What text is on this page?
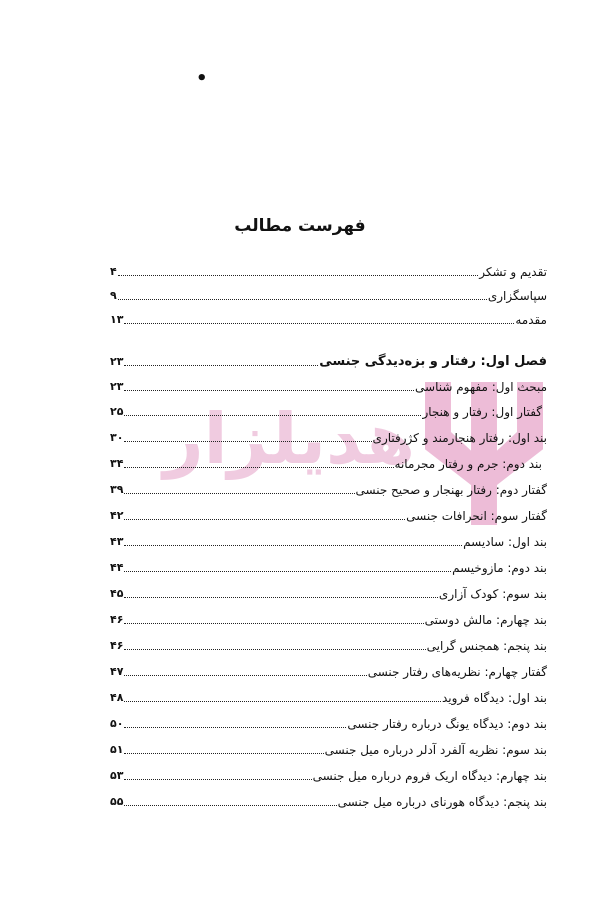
•
فهرست مطالب
هدیلزار
تقدیم و تشکر
۴
سپاسگزاری
۹
مقدمه
۱۳
فصل اول: رفتار و بزه‌دیدگی جنسی
۲۳
مبحث اول: مفهوم شناسی
۲۳
گفتار اول: رفتار و هنجار
۲۵
بند اول: رفتار هنجارمند و کژرفتاری
۳۰
بند دوم: جرم و رفتار مجرمانه
۳۴
گفتار دوم: رفتار بهنجار و صحیح جنسی
۳۹
گفتار سوم: انحرافات جنسی
۴۲
بند اول: سادیسم
۴۳
بند دوم: مازوخیسم
۴۴
بند سوم: کودک آزاری
۴۵
بند چهارم: مالش دوستی
۴۶
بند پنجم: همجنس گرایی
۴۶
گفتار چهارم: نظریه‌های رفتار جنسی
۴۷
بند اول: دیدگاه فروید
۴۸
بند دوم: دیدگاه یونگ درباره رفتار جنسی
۵۰
بند سوم: نظریه آلفرد آدلر درباره میل جنسی
۵۱
بند چهارم: دیدگاه اریک فروم درباره میل جنسی
۵۳
بند پنجم: دیدگاه هورنای درباره میل جنسی
۵۵
